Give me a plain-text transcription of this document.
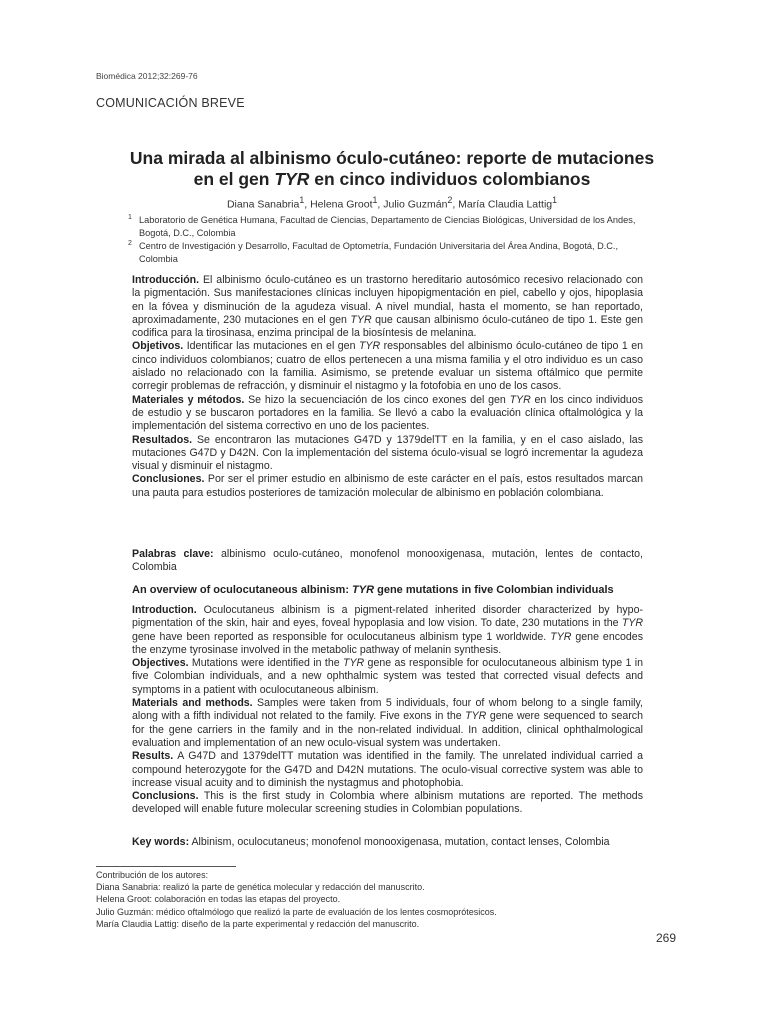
Biomédica 2012;32:269-76
COMUNICACIÓN BREVE
Una mirada al albinismo óculo-cutáneo: reporte de mutaciones
en el gen TYR en cinco individuos colombianos
Diana Sanabria$^1$, Helena Groot$^1$, Julio Guzmán$^2$, María Claudia Lattig$^1$
1 Laboratorio de Genética Humana, Facultad de Ciencias, Departamento de Ciencias Biológicas, Universidad de los Andes, Bogotá, D.C., Colombia
2 Centro de Investigación y Desarrollo, Facultad de Optometría, Fundación Universitaria del Área Andina, Bogotá, D.C., Colombia

Introducción. El albinismo óculo-cutáneo es un trastorno hereditario autosómico recesivo relacionado con la pigmentación. Sus manifestaciones clínicas incluyen hipopigmentación en piel, cabello y ojos, hipoplasia en la fóvea y disminución de la agudeza visual. A nivel mundial, hasta el momento, se han reportado, aproximadamente, 230 mutaciones en el gen TYR que causan albinismo óculo-cutáneo de tipo 1. Este gen codifica para la tirosinasa, enzima principal de la biosíntesis de melanina.

Objetivos. Identificar las mutaciones en el gen TYR responsables del albinismo óculo-cutáneo de tipo 1 en cinco individuos colombianos; cuatro de ellos pertenecen a una misma familia y el otro individuo es un caso aislado no relacionado con la familia. Asimismo, se pretende evaluar un sistema oftálmico que permite corregir problemas de refracción, y disminuir el nistagmo y la fotofobia en uno de los casos.

Materiales y métodos. Se hizo la secuenciación de los cinco exones del gen TYR en los cinco individuos de estudio y se buscaron portadores en la familia. Se llevó a cabo la evaluación clínica oftalmológica y la implementación del sistema correctivo en uno de los pacientes.

Resultados. Se encontraron las mutaciones G47D y 1379delTT en la familia, y en el caso aislado, las mutaciones G47D y D42N. Con la implementación del sistema óculo-visual se logró incrementar la agudeza visual y disminuir el nistagmo.

Conclusiones. Por ser el primer estudio en albinismo de este carácter en el país, estos resultados marcan una pauta para estudios posteriores de tamización molecular de albinismo en población colombiana.

Palabras clave: albinismo oculo-cutáneo, monofenol monooxigenasa, mutación, lentes de contacto, Colombia

An overview of oculocutaneous albinism: TYR gene mutations in five Colombian individuals

Introduction. Oculocutaneus albinism is a pigment-related inherited disorder characterized by hypo-pigmentation of the skin, hair and eyes, foveal hypoplasia and low vision. To date, 230 mutations in the TYR gene have been reported as responsible for oculocutaneus albinism type 1 worldwide. TYR gene encodes the enzyme tyrosinase involved in the metabolic pathway of melanin synthesis.

Objectives. Mutations were identified in the TYR gene as responsible for oculocutaneous albinism type 1 in five Colombian individuals, and a new ophthalmic system was tested that corrected visual defects and symptoms in a patient with oculocutaneous albinism.

Materials and methods. Samples were taken from 5 individuals, four of whom belong to a single family, along with a fifth individual not related to the family. Five exons in the TYR gene were sequenced to search for the gene carriers in the family and in the non-related individual. In addition, clinical ophthalmological evaluation and implementation of an new oculo-visual system was undertaken.

Results. A G47D and 1379delTT mutation was identified in the family. The unrelated individual carried a compound heterozygote for the G47D and D42N mutations. The oculo-visual corrective system was able to increase visual acuity and to diminish the nystagmus and photophobia.

Conclusions. This is the first study in Colombia where albinism mutations are reported. The methods developed will enable future molecular screening studies in Colombian populations.

Key words: Albinism, oculocutaneus; monofenol monooxigenasa, mutation, contact lenses, Colombia

Contribución de los autores:
Diana Sanabria: realizó la parte de genética molecular y redacción del manuscrito.
Helena Groot: colaboración en todas las etapas del proyecto.
Julio Guzmán: médico oftalmólogo que realizó la parte de evaluación de los lentes cosmoprótesicos.
María Claudia Lattig: diseño de la parte experimental y redacción del manuscrito.
269
